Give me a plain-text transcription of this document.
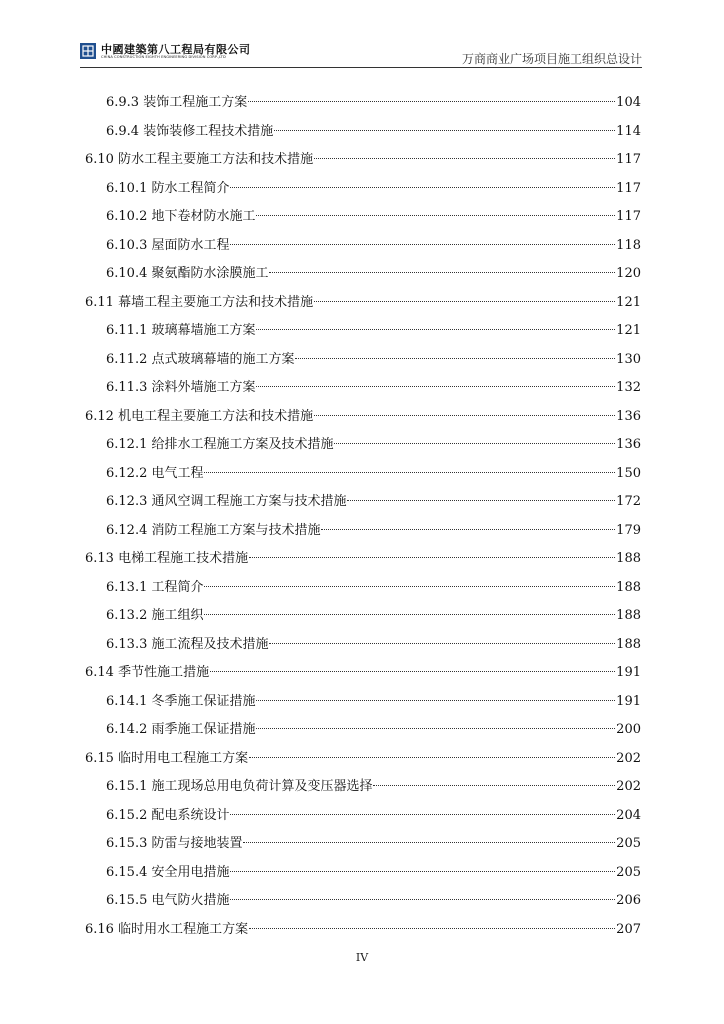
中國建築第八工程局有限公司
CHINA CONSTRUCTION EIGHTH ENGINEERING DIVISION CORP.,LTD	万商商业广场项目施工组织总设计
6.9.3 装饰工程施工方案	104
6.9.4 装饰装修工程技术措施	114
6.10 防水工程主要施工方法和技术措施	117
6.10.1 防水工程简介	117
6.10.2 地下卷材防水施工	117
6.10.3 屋面防水工程	118
6.10.4 聚氨酯防水涂膜施工	120
6.11 幕墙工程主要施工方法和技术措施	121
6.11.1 玻璃幕墙施工方案	121
6.11.2 点式玻璃幕墙的施工方案	130
6.11.3 涂料外墙施工方案	132
6.12 机电工程主要施工方法和技术措施	136
6.12.1 给排水工程施工方案及技术措施	136
6.12.2 电气工程	150
6.12.3 通风空调工程施工方案与技术措施	172
6.12.4 消防工程施工方案与技术措施	179
6.13 电梯工程施工技术措施	188
6.13.1 工程简介	188
6.13.2 施工组织	188
6.13.3 施工流程及技术措施	188
6.14 季节性施工措施	191
6.14.1 冬季施工保证措施	191
6.14.2 雨季施工保证措施	200
6.15 临时用电工程施工方案	202
6.15.1 施工现场总用电负荷计算及变压器选择	202
6.15.2 配电系统设计	204
6.15.3 防雷与接地装置	205
6.15.4 安全用电措施	205
6.15.5 电气防火措施	206
6.16 临时用水工程施工方案	207
IV
